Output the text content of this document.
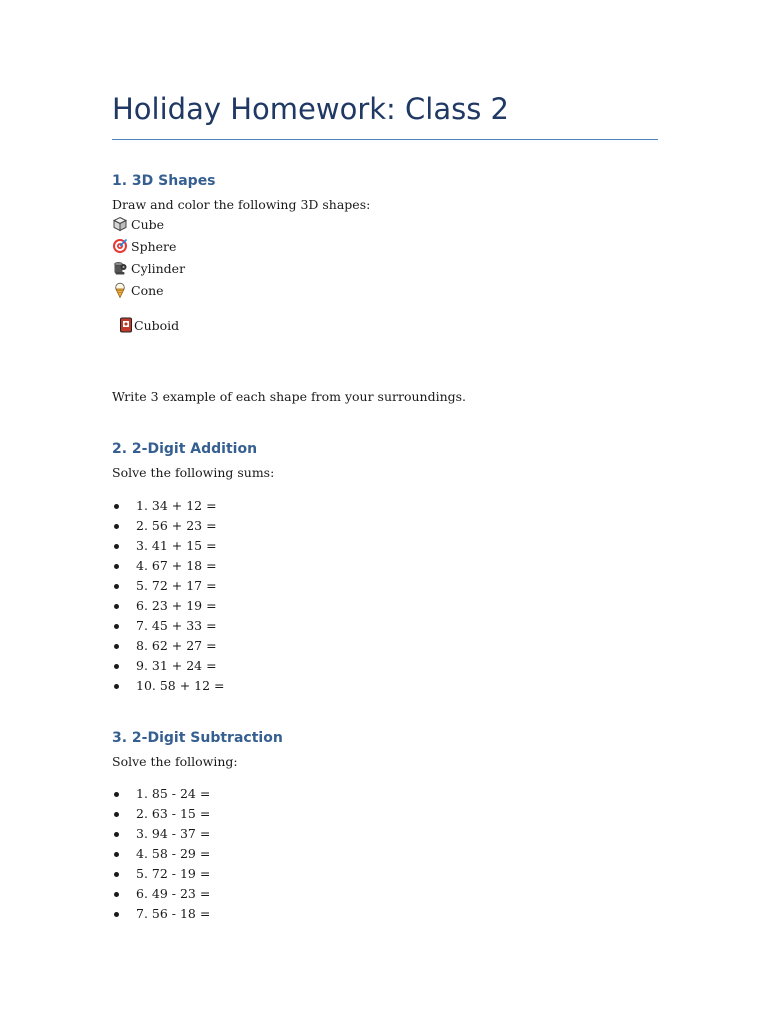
Holiday Homework: Class 2
1. 3D Shapes

Draw and color the following 3D shapes:

Cube
Sphere
Cylinder
Cone
Cuboid

Write 3 example of each shape from your surroundings.

2. 2-Digit Addition

Solve the following sums:

1. 34 + 12 =
2. 56 + 23 =
3. 41 + 15 =
4. 67 + 18 =
5. 72 + 17 =
6. 23 + 19 =
7. 45 + 33 =
8. 62 + 27 =
9. 31 + 24 =
10. 58 + 12 =
3. 2-Digit Subtraction

Solve the following:

1. 85 - 24 =
2. 63 - 15 =
3. 94 - 37 =
4. 58 - 29 =
5. 72 - 19 =
6. 49 - 23 =
7. 56 - 18 =
